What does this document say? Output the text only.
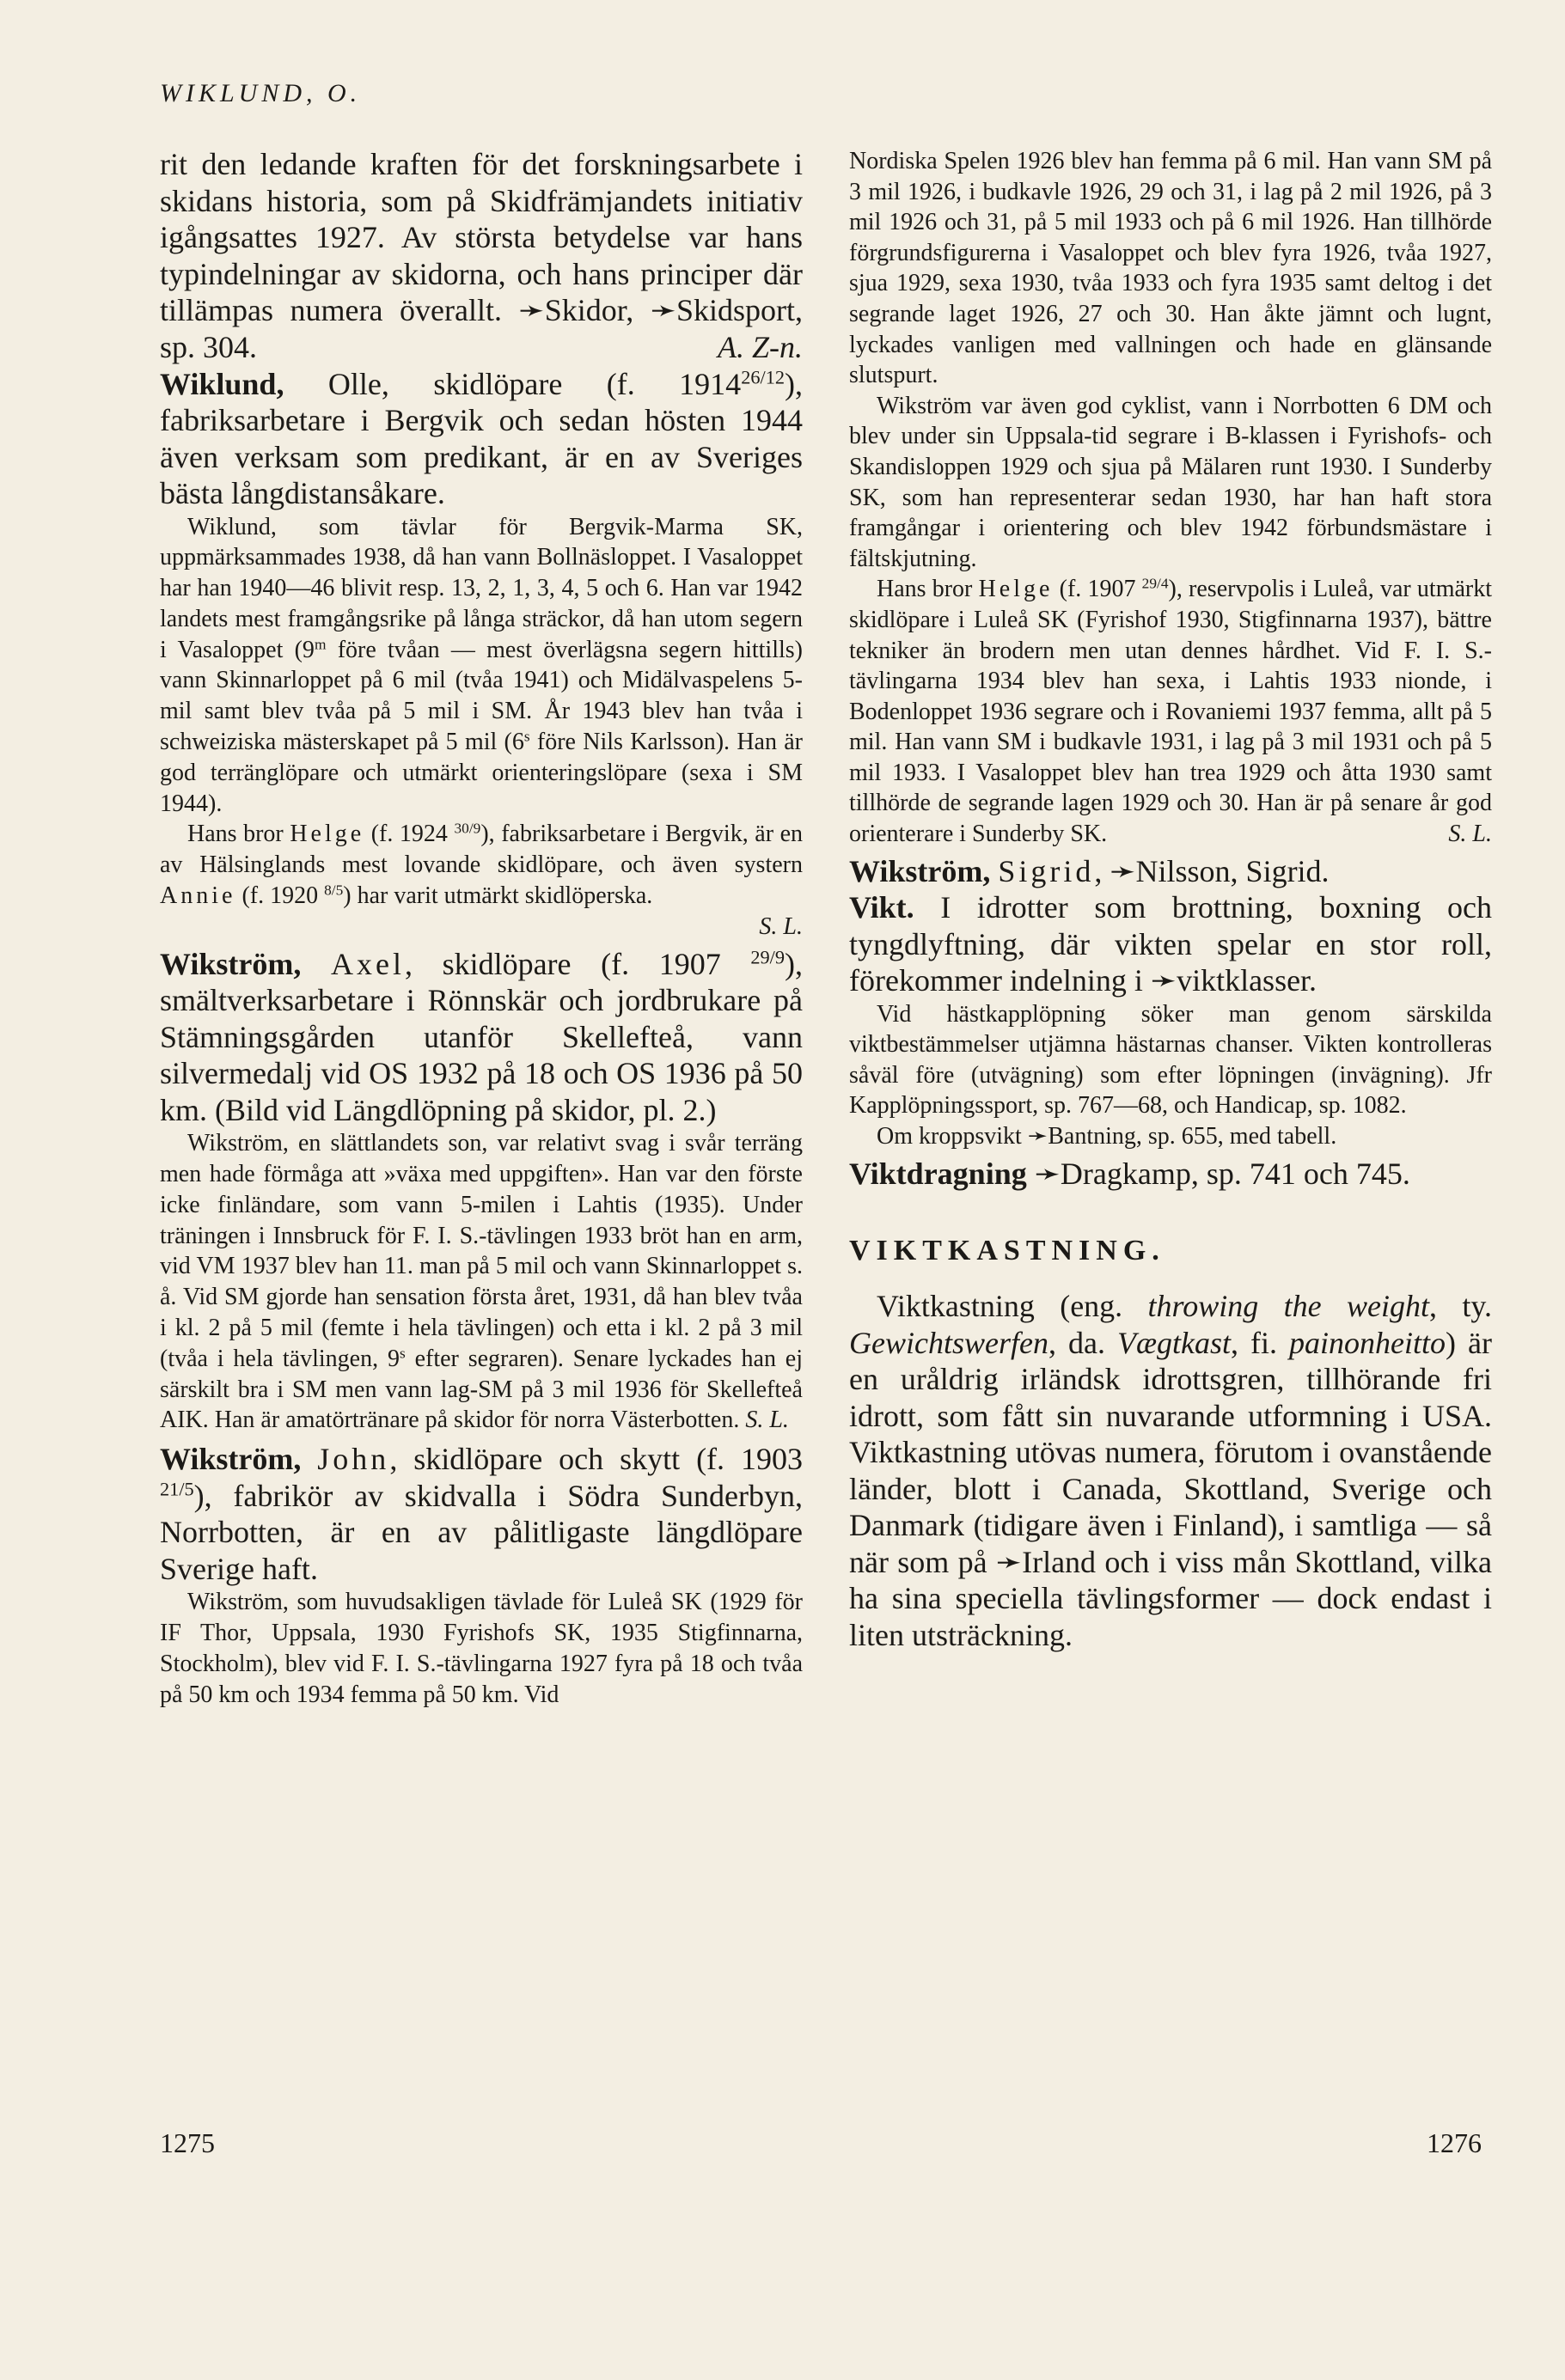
WIKLUND, O.

rit den ledande kraften för det forskningsarbete i skidans historia, som på Skidfrämjandets initiativ igångsattes 1927. Av största betydelse var hans typindelningar av skidorna, och hans principer där tillämpas numera överallt. ➛Skidor, ➛Skidsport, sp. 304.	A. Z-n.

Wiklund, Olle, skidlöpare (f. $1914^{26/12}$), fabriksarbetare i Bergvik och sedan hösten 1944 även verksam som predikant, är en av Sveriges bästa långdistansåkare.

Wiklund, som tävlar för Bergvik-Marma SK, uppmärksammades 1938, då han vann Bollnäsloppet. I Vasaloppet har han 1940—46 blivit resp. 13, 2, 1, 3, 4, 5 och 6. Han var 1942 landets mest framgångsrike på långa sträckor, då han utom segern i Vasaloppet (9$^m$ före tvåan — mest överlägsna segern hittills) vann Skinnarloppet på 6 mil (tvåa 1941) och Midälvaspelens 5-mil samt blev tvåa på 5 mil i SM. År 1943 blev han tvåa i schweiziska mästerskapet på 5 mil (6$^s$ före Nils Karlsson). Han är god terränglöpare och utmärkt orienteringslöpare (sexa i SM 1944).

Hans bror Helge (f. 1924 $^{30/9}$), fabriksarbetare i Bergvik, är en av Hälsinglands mest lovande skidlöpare, och även systern Annie (f. 1920 $^{8/5}$) har varit utmärkt skidlöperska.
S. L.

Wikström, Axel, skidlöpare (f. 1907 $^{29/9}$), smältverksarbetare i Rönnskär och jordbrukare på Stämningsgården utanför Skellefteå, vann silvermedalj vid OS 1932 på 18 och OS 1936 på 50 km. (Bild vid Längdlöpning på skidor, pl. 2.)

Wikström, en slättlandets son, var relativt svag i svår terräng men hade förmåga att »växa med uppgiften». Han var den förste icke finländare, som vann 5-milen i Lahtis (1935). Under träningen i Innsbruck för F. I. S.-tävlingen 1933 bröt han en arm, vid VM 1937 blev han 11. man på 5 mil och vann Skinnarloppet s. å. Vid SM gjorde han sensation första året, 1931, då han blev tvåa i kl. 2 på 5 mil (femte i hela tävlingen) och etta i kl. 2 på 3 mil (tvåa i hela tävlingen, 9$^s$ efter segraren). Senare lyckades han ej särskilt bra i SM men vann lag-SM på 3 mil 1936 för Skellefteå AIK. Han är amatörtränare på skidor för norra Västerbotten. S. L.

Wikström, John, skidlöpare och skytt (f. 1903 $^{21/5}$), fabrikör av skidvalla i Södra Sunderbyn, Norrbotten, är en av pålitligaste längdlöpare Sverige haft.

Wikström, som huvudsakligen tävlade för Luleå SK (1929 för IF Thor, Uppsala, 1930 Fyrishofs SK, 1935 Stigfinnarna, Stockholm), blev vid F. I. S.-tävlingarna 1927 fyra på 18 och tvåa på 50 km och 1934 femma på 50 km. Vid

Nordiska Spelen 1926 blev han femma på 6 mil. Han vann SM på 3 mil 1926, i budkavle 1926, 29 och 31, i lag på 2 mil 1926, på 3 mil 1926 och 31, på 5 mil 1933 och på 6 mil 1926. Han tillhörde förgrundsfigurerna i Vasaloppet och blev fyra 1926, tvåa 1927, sjua 1929, sexa 1930, tvåa 1933 och fyra 1935 samt deltog i det segrande laget 1926, 27 och 30. Han åkte jämnt och lugnt, lyckades vanligen med vallningen och hade en glänsande slutspurt.

Wikström var även god cyklist, vann i Norrbotten 6 DM och blev under sin Uppsala-tid segrare i B-klassen i Fyrishofs- och Skandisloppen 1929 och sjua på Mälaren runt 1930. I Sunderby SK, som han representerar sedan 1930, har han haft stora framgångar i orientering och blev 1942 förbundsmästare i fältskjutning.

Hans bror Helge (f. 1907 $^{29/4}$), reservpolis i Luleå, var utmärkt skidlöpare i Luleå SK (Fyrishof 1930, Stigfinnarna 1937), bättre tekniker än brodern men utan dennes hårdhet. Vid F. I. S.-tävlingarna 1934 blev han sexa, i Lahtis 1933 nionde, i Bodenloppet 1936 segrare och i Rovaniemi 1937 femma, allt på 5 mil. Han vann SM i budkavle 1931, i lag på 3 mil 1931 och på 5 mil 1933. I Vasaloppet blev han trea 1929 och åtta 1930 samt tillhörde de segrande lagen 1929 och 30. Han är på senare år god orienterare i Sunderby SK.	S. L.

Wikström, Sigrid, ➛Nilsson, Sigrid.

Vikt. I idrotter som brottning, boxning och tyngdlyftning, där vikten spelar en stor roll, förekommer indelning i ➛viktklasser.

Vid hästkapplöpning söker man genom särskilda viktbestämmelser utjämna hästarnas chanser. Vikten kontrolleras såväl före (utvägning) som efter löpningen (invägning). Jfr Kapplöpningssport, sp. 767—68, och Handicap, sp. 1082.

Om kroppsvikt ➛Bantning, sp. 655, med tabell.

Viktdragning ➛Dragkamp, sp. 741 och 745.

VIKTKASTNING.

Viktkastning (eng. throwing the weight, ty. Gewichtswerfen, da. Vægtkast, fi. painonheitto) är en uråldrig irländsk idrottsgren, tillhörande fri idrott, som fått sin nuvarande utformning i USA. Viktkastning utövas numera, förutom i ovanstående länder, blott i Canada, Skottland, Sverige och Danmark (tidigare även i Finland), i samtliga — så när som på ➛Irland och i viss mån Skottland, vilka ha sina speciella tävlingsformer — dock endast i liten utsträckning.

1275	1276
